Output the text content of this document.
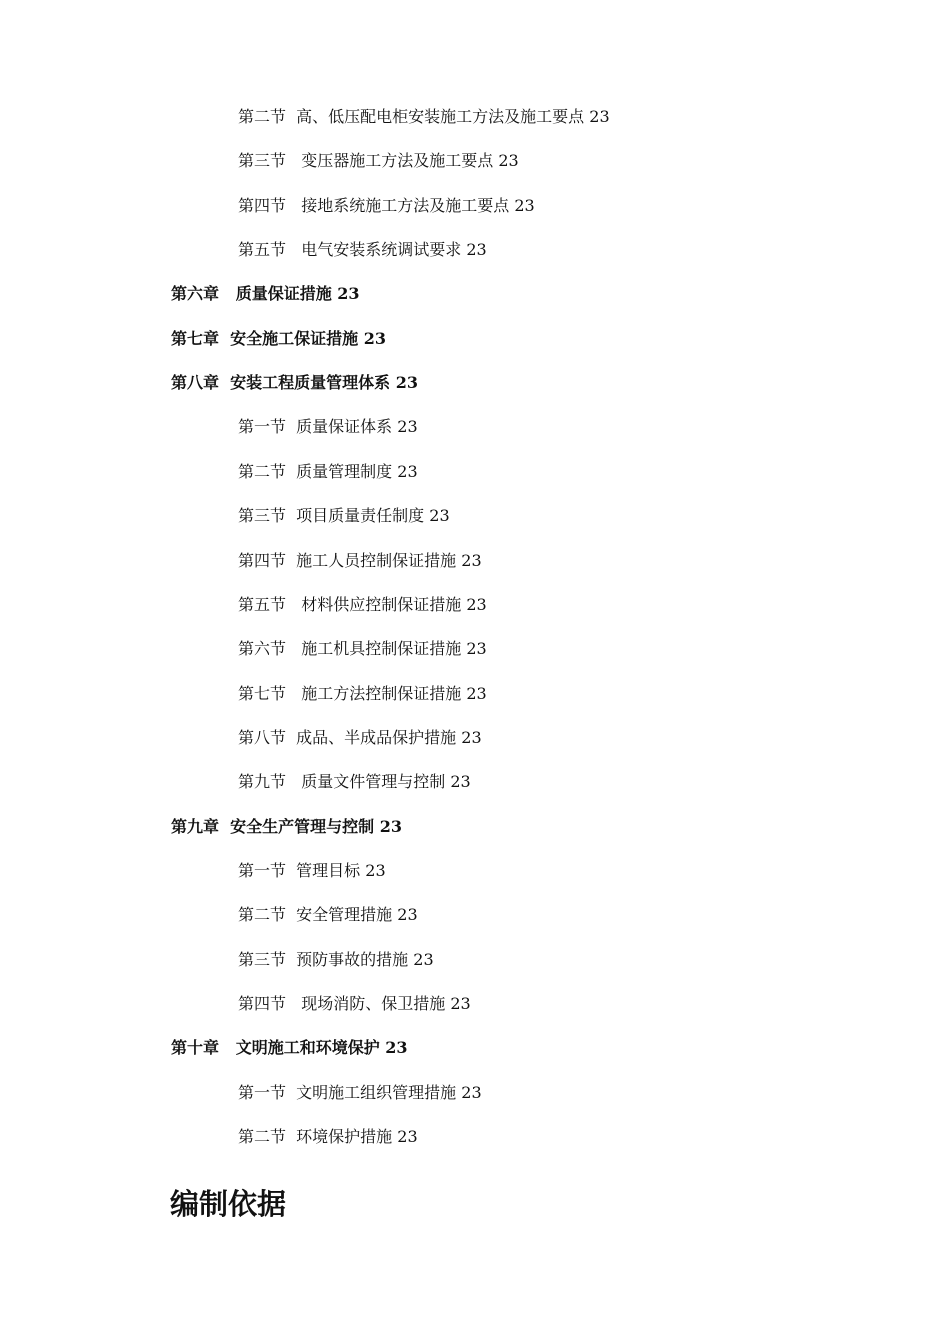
第二节  高、低压配电柜安装施工方法及施工要点 23
第三节   变压器施工方法及施工要点 23
第四节   接地系统施工方法及施工要点 23
第五节   电气安装系统调试要求 23
第六章   质量保证措施 23
第七章  安全施工保证措施 23
第八章  安装工程质量管理体系 23
第一节  质量保证体系 23
第二节  质量管理制度 23
第三节  项目质量责任制度 23
第四节  施工人员控制保证措施 23
第五节   材料供应控制保证措施 23
第六节   施工机具控制保证措施 23
第七节   施工方法控制保证措施 23
第八节  成品、半成品保护措施 23
第九节   质量文件管理与控制 23
第九章  安全生产管理与控制 23
第一节  管理目标 23
第二节  安全管理措施 23
第三节  预防事故的措施 23
第四节   现场消防、保卫措施 23
第十章   文明施工和环境保护 23
第一节  文明施工组织管理措施 23
第二节  环境保护措施 23
编制依据
